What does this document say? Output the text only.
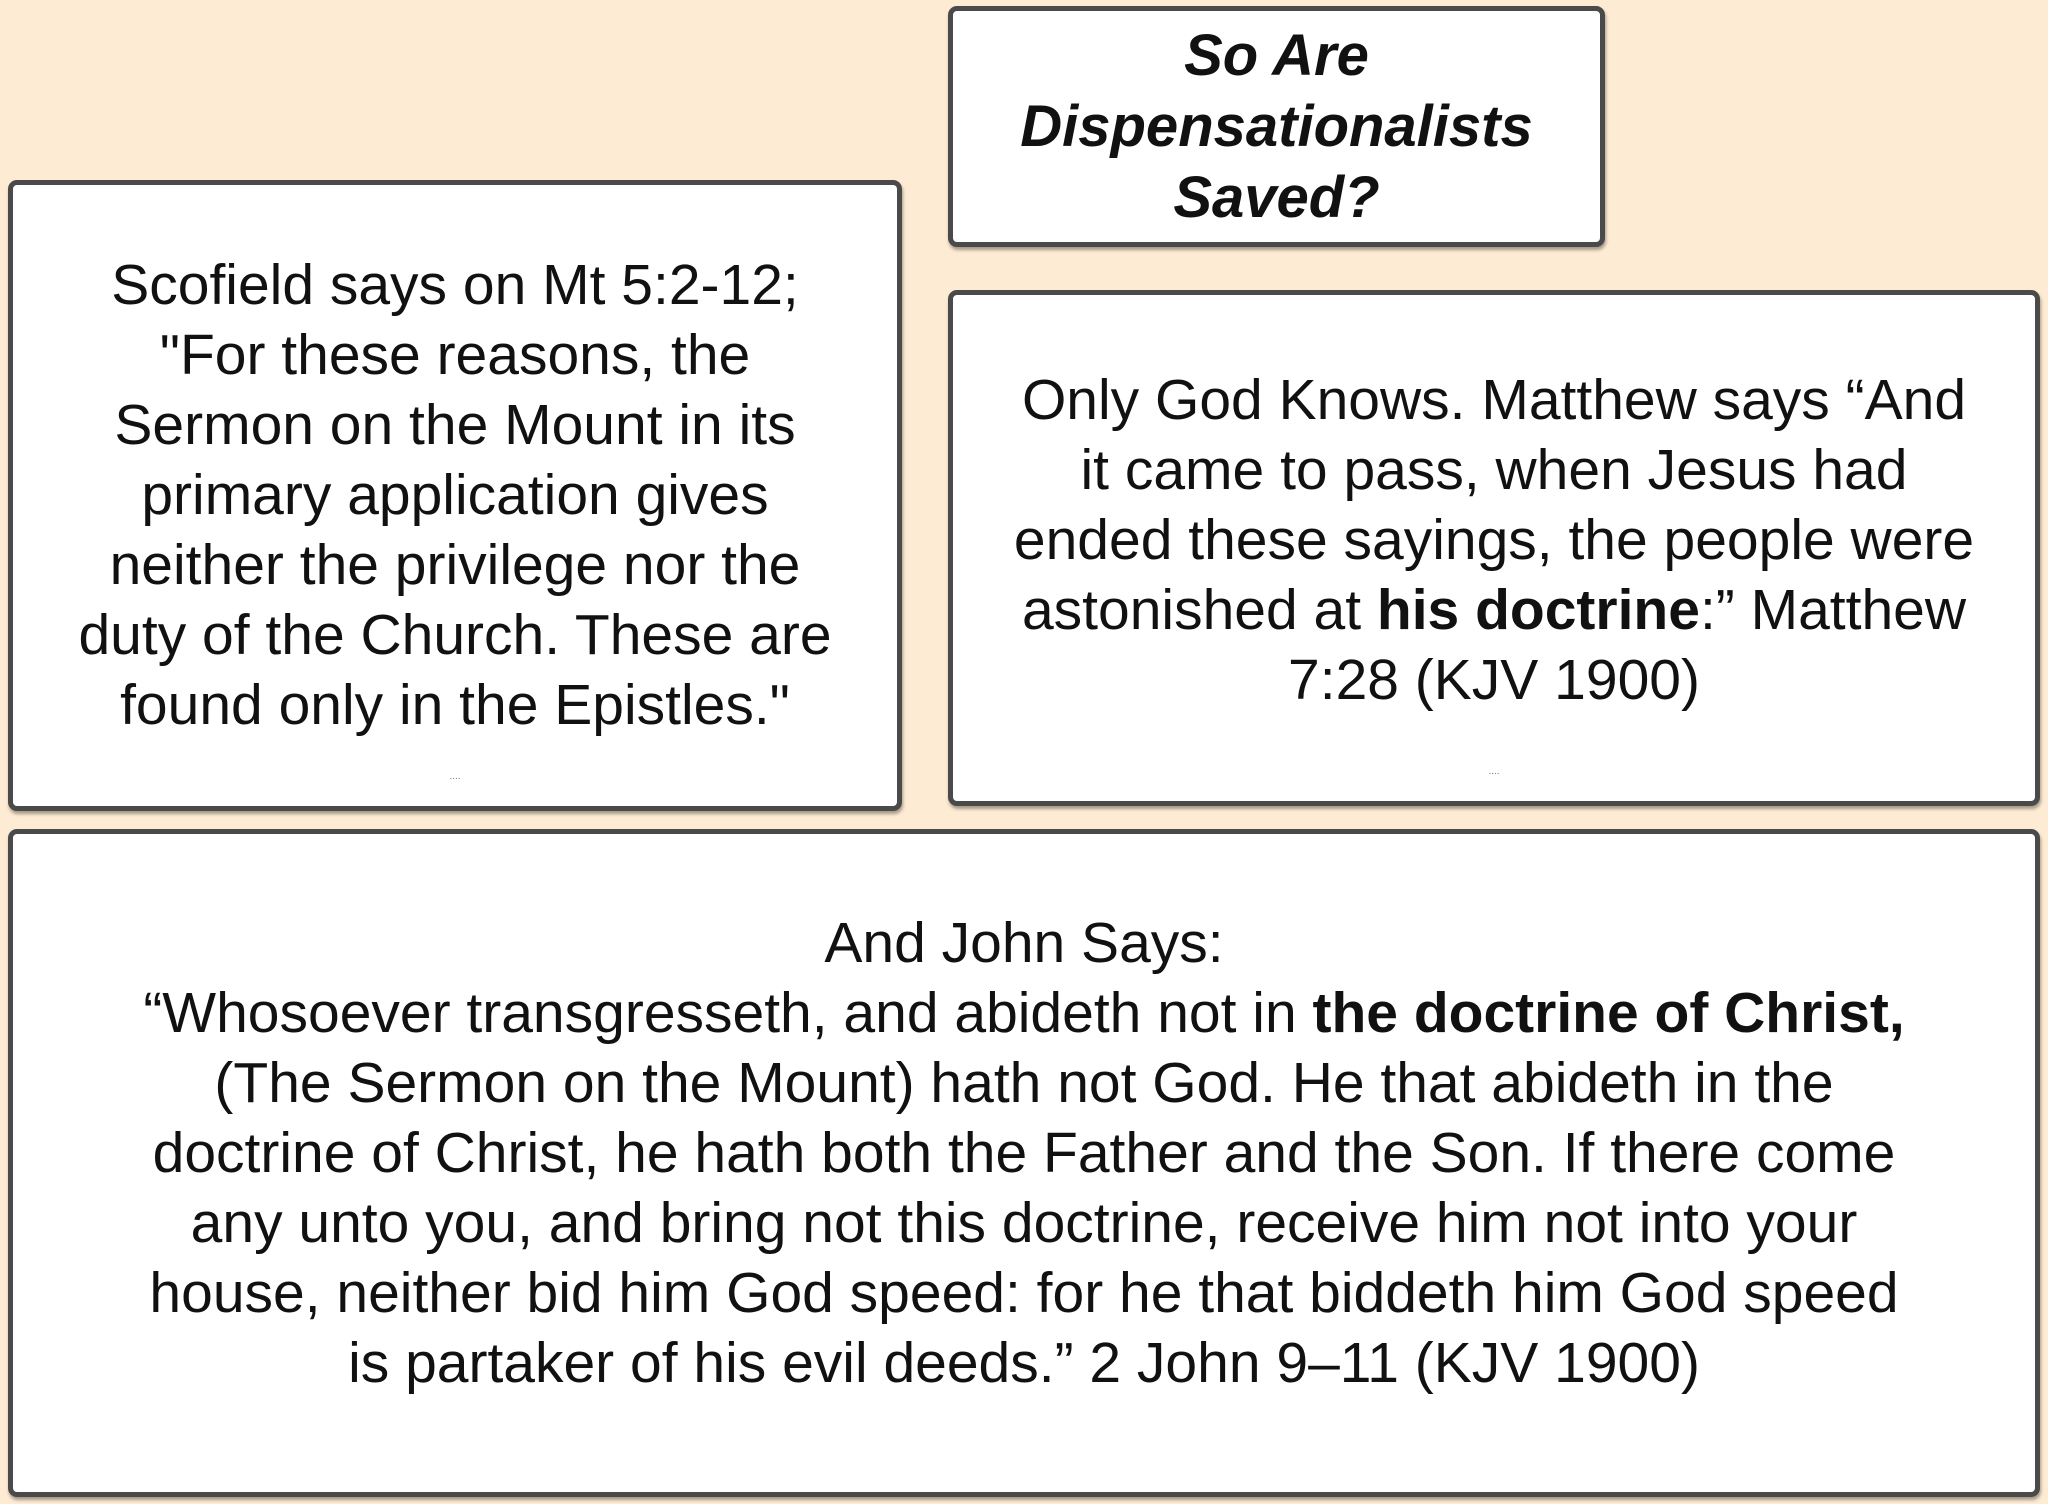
So Are

Dispensationalists

Saved?

Scofield says on Mt 5:2-12; "For these reasons, the Sermon on the Mount in its primary application gives neither the privilege nor the duty of the Church. These are found only in the Epistles."

....

Only God Knows. Matthew says “And it came to pass, when Jesus had ended these sayings, the people were astonished at his doctrine:” Matthew 7:28 (KJV 1900)

....

And John Says:

“Whosoever transgresseth, and abideth not in the doctrine of Christ, (The Sermon on the Mount) hath not God. He that abideth in the doctrine of Christ, he hath both the Father and the Son. If there come any unto you, and bring not this doctrine, receive him not into your house, neither bid him God speed: for he that biddeth him God speed is partaker of his evil deeds.” 2 John 9–11 (KJV 1900)
